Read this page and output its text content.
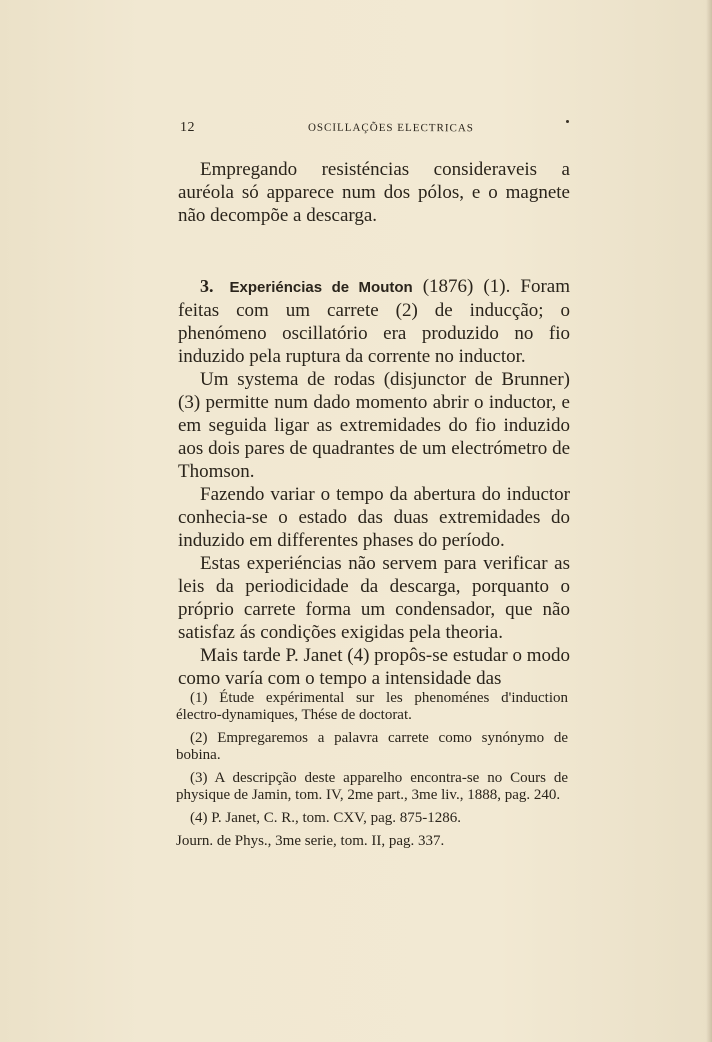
12	OSCILLAÇÕES ELECTRICAS

Empregando resisténcias consideraveis a auréola só apparece num dos pólos, e o magnete não decompõe a descarga.

3. Experiéncias de Mouton (1876) (1). Foram feitas com um carrete (2) de inducção; o phenómeno oscillatório era produzido no fio induzido pela ruptura da corrente no inductor.

Um systema de rodas (disjunctor de Brunner) (3) permitte num dado momento abrir o inductor, e em seguida ligar as extremidades do fio induzido aos dois pares de quadrantes de um electrómetro de Thomson.

Fazendo variar o tempo da abertura do inductor conhecia-se o estado das duas extremidades do induzido em differentes phases do período.

Estas experiéncias não servem para verificar as leis da periodicidade da descarga, porquanto o próprio carrete forma um condensador, que não satisfaz ás condições exigidas pela theoria.

Mais tarde P. Janet (4) propôs-se estudar o modo como varía com o tempo a intensidade das

(1) Étude expérimental sur les phenoménes d'induction électro-dynamiques, Thése de doctorat.

(2) Empregaremos a palavra carrete como synónymo de bobina.

(3) A descripção deste apparelho encontra-se no Cours de physique de Jamin, tom. IV, 2me part., 3me liv., 1888, pag. 240.

(4) P. Janet, C. R., tom. CXV, pag. 875-1286.

Journ. de Phys., 3me serie, tom. II, pag. 337.
